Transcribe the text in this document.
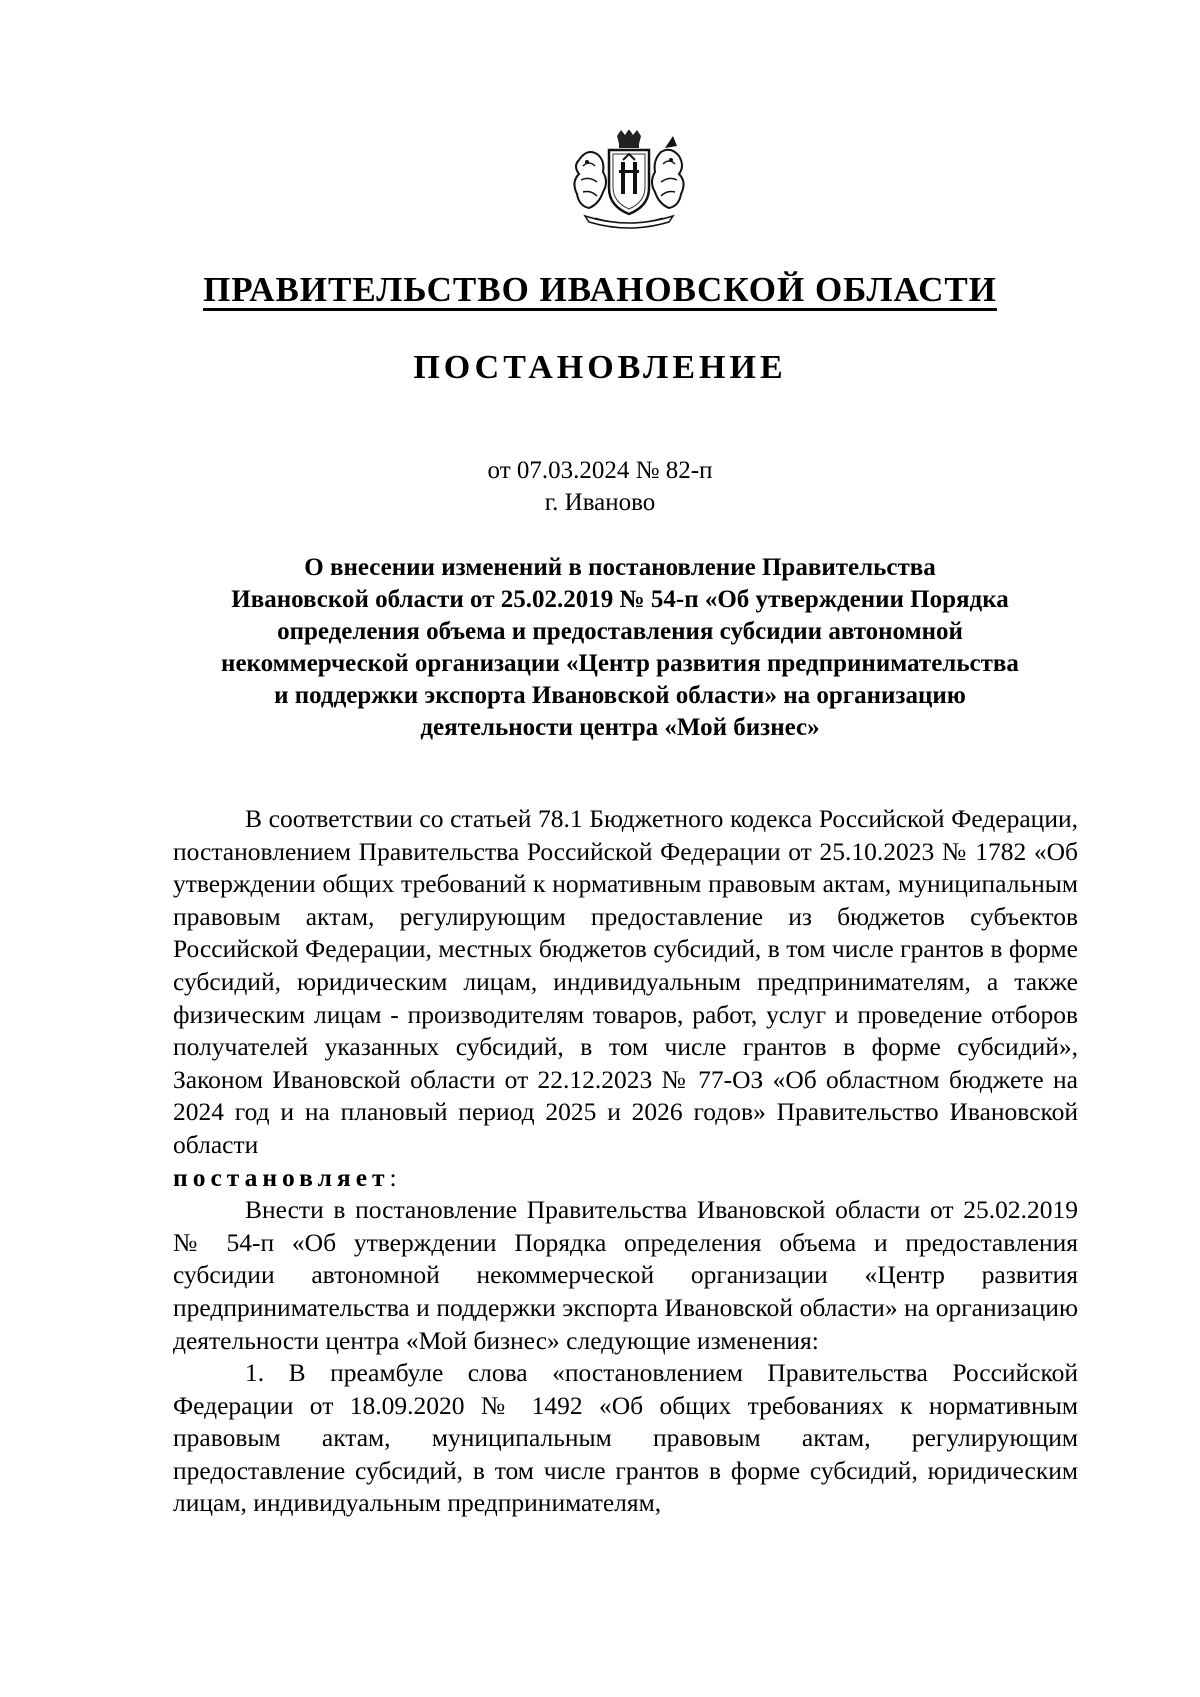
ПРАВИТЕЛЬСТВО ИВАНОВСКОЙ ОБЛАСТИ
ПОСТАНОВЛЕНИЕ
от 07.03.2024 № 82-п
г. Иваново
О внесении изменений в постановление Правительства
Ивановской области от 25.02.2019 № 54-п «Об утверждении Порядка
определения объема и предоставления субсидии автономной
некоммерческой организации «Центр развития предпринимательства
и поддержки экспорта Ивановской области» на организацию
деятельности центра «Мой бизнес»

В соответствии со статьей 78.1 Бюджетного кодекса Российской Федерации, постановлением Правительства Российской Федерации от 25.10.2023 № 1782 «Об утверждении общих требований к нормативным правовым актам, муниципальным правовым актам, регулирующим предоставление из бюджетов субъектов Российской Федерации, местных бюджетов субсидий, в том числе грантов в форме субсидий, юридическим лицам, индивидуальным предпринимателям, а также физическим лицам - производителям товаров, работ, услуг и проведение отборов получателей указанных субсидий, в том числе грантов в форме субсидий», Законом Ивановской области от 22.12.2023 № 77-ОЗ «Об областном бюджете на 2024 год и на плановый период 2025 и 2026 годов» Правительство Ивановской области

постановляет:

Внести в постановление Правительства Ивановской области от 25.02.2019 № 54-п «Об утверждении Порядка определения объема и предоставления субсидии автономной некоммерческой организации «Центр развития предпринимательства и поддержки экспорта Ивановской области» на организацию деятельности центра «Мой бизнес» следующие изменения:

1. В преамбуле слова «постановлением Правительства Российской Федерации от 18.09.2020 № 1492 «Об общих требованиях к нормативным правовым актам, муниципальным правовым актам, регулирующим предоставление субсидий, в том числе грантов в форме субсидий, юридическим лицам, индивидуальным предпринимателям,
